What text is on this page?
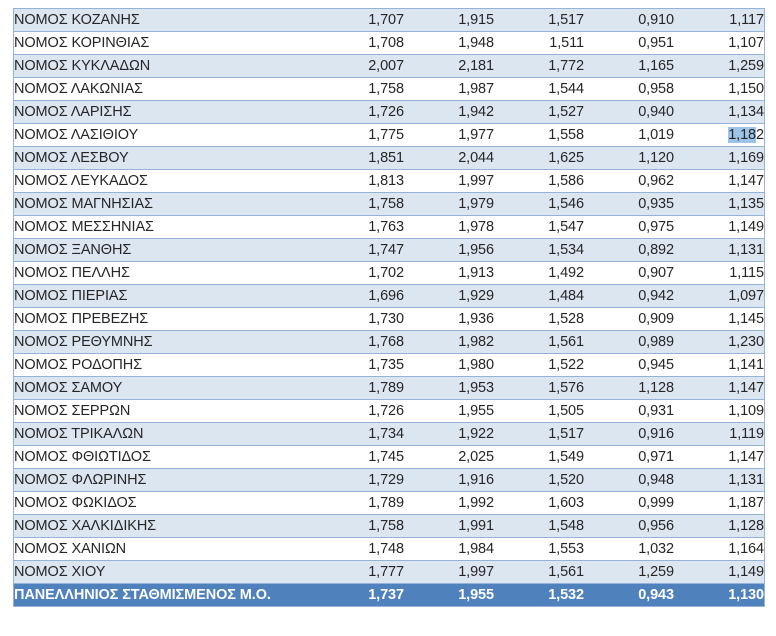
ΝΟΜΟΣ ΚΟΖΑΝΗΣ	1,707	1,915	1,517	0,910	1,117
ΝΟΜΟΣ ΚΟΡΙΝΘΙΑΣ	1,708	1,948	1,511	0,951	1,107
ΝΟΜΟΣ ΚΥΚΛΑΔΩΝ	2,007	2,181	1,772	1,165	1,259
ΝΟΜΟΣ ΛΑΚΩΝΙΑΣ	1,758	1,987	1,544	0,958	1,150
ΝΟΜΟΣ ΛΑΡΙΣΗΣ	1,726	1,942	1,527	0,940	1,134
ΝΟΜΟΣ ΛΑΣΙΘΙΟΥ	1,775	1,977	1,558	1,019	1,182
ΝΟΜΟΣ ΛΕΣΒΟΥ	1,851	2,044	1,625	1,120	1,169
ΝΟΜΟΣ ΛΕΥΚΑΔΟΣ	1,813	1,997	1,586	0,962	1,147
ΝΟΜΟΣ ΜΑΓΝΗΣΙΑΣ	1,758	1,979	1,546	0,935	1,135
ΝΟΜΟΣ ΜΕΣΣΗΝΙΑΣ	1,763	1,978	1,547	0,975	1,149
ΝΟΜΟΣ ΞΑΝΘΗΣ	1,747	1,956	1,534	0,892	1,131
ΝΟΜΟΣ ΠΕΛΛΗΣ	1,702	1,913	1,492	0,907	1,115
ΝΟΜΟΣ ΠΙΕΡΙΑΣ	1,696	1,929	1,484	0,942	1,097
ΝΟΜΟΣ ΠΡΕΒΕΖΗΣ	1,730	1,936	1,528	0,909	1,145
ΝΟΜΟΣ ΡΕΘΥΜΝΗΣ	1,768	1,982	1,561	0,989	1,230
ΝΟΜΟΣ ΡΟΔΟΠΗΣ	1,735	1,980	1,522	0,945	1,141
ΝΟΜΟΣ ΣΑΜΟΥ	1,789	1,953	1,576	1,128	1,147
ΝΟΜΟΣ ΣΕΡΡΩΝ	1,726	1,955	1,505	0,931	1,109
ΝΟΜΟΣ ΤΡΙΚΑΛΩΝ	1,734	1,922	1,517	0,916	1,119
ΝΟΜΟΣ ΦΘΙΩΤΙΔΟΣ	1,745	2,025	1,549	0,971	1,147
ΝΟΜΟΣ ΦΛΩΡΙΝΗΣ	1,729	1,916	1,520	0,948	1,131
ΝΟΜΟΣ ΦΩΚΙΔΟΣ	1,789	1,992	1,603	0,999	1,187
ΝΟΜΟΣ ΧΑΛΚΙΔΙΚΗΣ	1,758	1,991	1,548	0,956	1,128
ΝΟΜΟΣ ΧΑΝΙΩΝ	1,748	1,984	1,553	1,032	1,164
ΝΟΜΟΣ ΧΙΟΥ	1,777	1,997	1,561	1,259	1,149
ΠΑΝΕΛΛΗΝΙΟΣ ΣΤΑΘΜΙΣΜΕΝΟΣ Μ.Ο.	1,737	1,955	1,532	0,943	1,130
